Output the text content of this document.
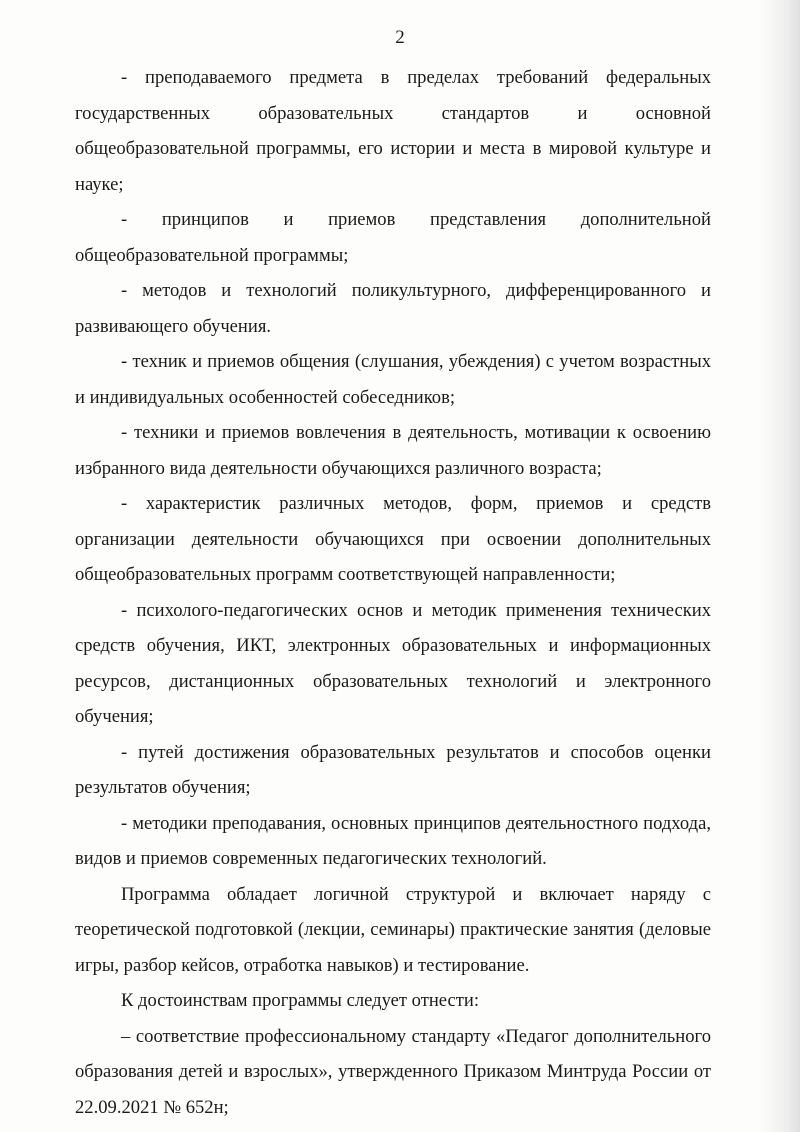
2

- преподаваемого предмета в пределах требований федеральных государственных образовательных стандартов и основной общеобразовательной программы, его истории и места в мировой культуре и науке;

- принципов и приемов представления дополнительной общеобразовательной программы;

- методов и технологий поликультурного, дифференцированного и развивающего обучения.

- техник и приемов общения (слушания, убеждения) с учетом возрастных и индивидуальных особенностей собеседников;

- техники и приемов вовлечения в деятельность, мотивации к освоению избранного вида деятельности обучающихся различного возраста;

- характеристик различных методов, форм, приемов и средств организации деятельности обучающихся при освоении дополнительных общеобразовательных программ соответствующей направленности;

- психолого-педагогических основ и методик применения технических средств обучения, ИКТ, электронных образовательных и информационных ресурсов, дистанционных образовательных технологий и электронного обучения;

- путей достижения образовательных результатов и способов оценки результатов обучения;

- методики преподавания, основных принципов деятельностного подхода, видов и приемов современных педагогических технологий.

Программа обладает логичной структурой и включает наряду с теоретической подготовкой (лекции, семинары) практические занятия (деловые игры, разбор кейсов, отработка навыков) и тестирование.

К достоинствам программы следует отнести:

– соответствие профессиональному стандарту «Педагог дополнительного образования детей и взрослых», утвержденного Приказом Минтруда России от 22.09.2021 № 652н;
